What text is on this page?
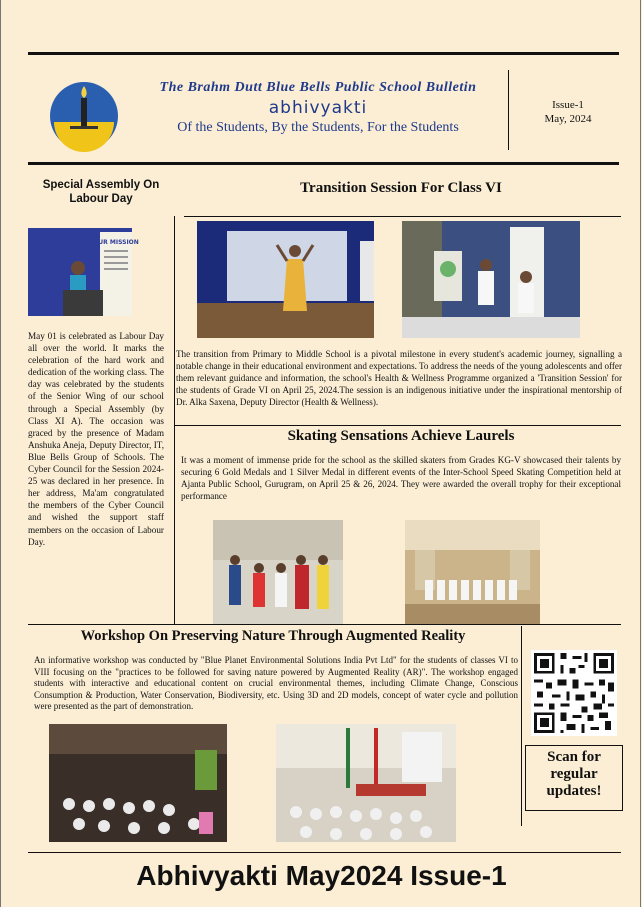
The Brahm Dutt Blue Bells Public School Bulletin
abhivyakti
Of the Students, By the Students, For the Students
Issue-1
May, 2024
Special Assembly On Labour Day
OUR MISSION
May 01 is celebrated as Labour Day all over the world. It marks the celebration of the hard work and dedication of the working class. The day was celebrated by the students of the Senior Wing of our school through a Special Assembly (by Class XI A). The occasion was graced by the presence of Madam Anshuka Aneja, Deputy Director, IT, Blue Bells Group of Schools. The Cyber Council for the Session 2024-25 was declared in her presence. In her address, Ma'am congratulated the members of the Cyber Council and wished the support staff members on the occasion of Labour Day.
Transition Session For Class VI
The transition from Primary to Middle School is a pivotal milestone in every student's academic journey, signalling a notable change in their educational environment and expectations. To address the needs of the young adolescents and offer them relevant guidance and information, the school's Health & Wellness Programme organized a 'Transition Session' for the students of Grade VI on April 25, 2024.The session is an indigenous initiative under the inspirational mentorship of Dr. Alka Saxena, Deputy Director (Health & Wellness).
Skating Sensations Achieve Laurels
It was a moment of immense pride for the school as the skilled skaters from Grades KG-V showcased their talents by securing 6 Gold Medals and 1 Silver Medal in different events of the Inter-School Speed Skating Competition held at Ajanta Public School, Gurugram, on April 25 & 26, 2024. They were awarded the overall trophy for their exceptional performance
Workshop On Preserving Nature Through Augmented Reality
An informative workshop was conducted by "Blue Planet Environmental Solutions India Pvt Ltd" for the students of classes VI to VIII focusing on the "practices to be followed for saving nature powered by Augmented Reality (AR)". The workshop engaged students with interactive and educational content on crucial environmental themes, including Climate Change, Conscious Consumption & Production, Water Conservation, Biodiversity, etc. Using 3D and 2D models, concept of water cycle and pollution were presented as the part of demonstration.
Scan for regular updates!
Abhivyakti May2024 Issue-1
